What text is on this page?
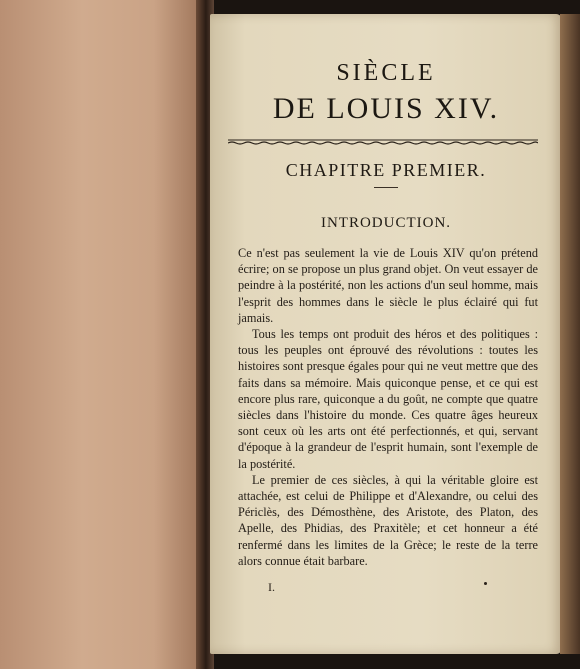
SIÈCLE
DE LOUIS XIV.
CHAPITRE PREMIER.
INTRODUCTION.

Ce n'est pas seulement la vie de Louis XIV qu'on prétend écrire; on se propose un plus grand objet. On veut essayer de peindre à la postérité, non les actions d'un seul homme, mais l'esprit des hommes dans le siècle le plus éclairé qui fut jamais.

Tous les temps ont produit des héros et des politiques : tous les peuples ont éprouvé des révolutions : toutes les histoires sont presque égales pour qui ne veut mettre que des faits dans sa mémoire. Mais quiconque pense, et ce qui est encore plus rare, quiconque a du goût, ne compte que quatre siècles dans l'histoire du monde. Ces quatre âges heureux sont ceux où les arts ont été perfectionnés, et qui, servant d'époque à la grandeur de l'esprit humain, sont l'exemple de la postérité.

Le premier de ces siècles, à qui la véritable gloire est attachée, est celui de Philippe et d'Alexandre, ou celui des Périclès, des Démosthène, des Aristote, des Platon, des Apelle, des Phidias, des Praxitèle; et cet honneur a été renfermé dans les limites de la Grèce; le reste de la terre alors connue était barbare.

I.
